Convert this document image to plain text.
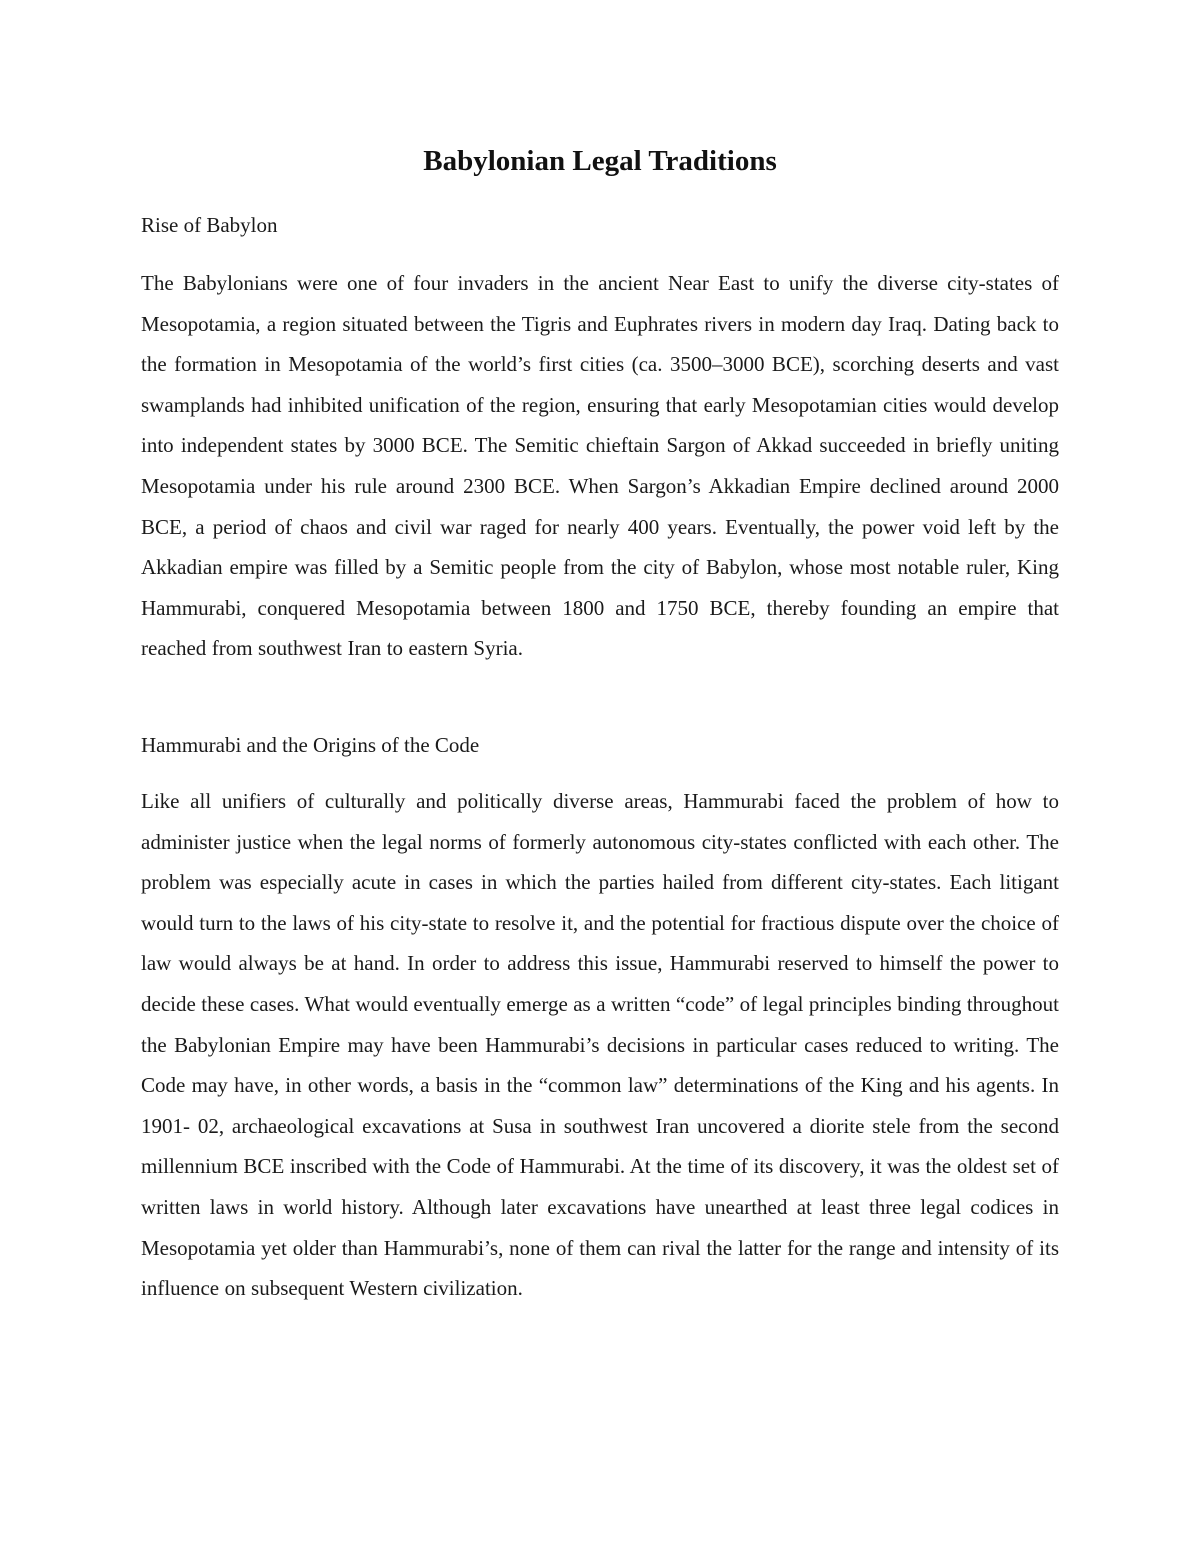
Babylonian Legal Traditions
Rise of Babylon

The Babylonians were one of four invaders in the ancient Near East to unify the diverse city-states of Mesopotamia, a region situated between the Tigris and Euphrates rivers in modern day Iraq. Dating back to the formation in Mesopotamia of the world’s first cities (ca. 3500–3000 BCE), scorching deserts and vast swamplands had inhibited unification of the region, ensuring that early Mesopotamian cities would develop into independent states by 3000 BCE. The Semitic chieftain Sargon of Akkad succeeded in briefly uniting Mesopotamia under his rule around 2300 BCE. When Sargon’s Akkadian Empire declined around 2000 BCE, a period of chaos and civil war raged for nearly 400 years. Eventually, the power void left by the Akkadian empire was filled by a Semitic people from the city of Babylon, whose most notable ruler, King Hammurabi, conquered Mesopotamia between 1800 and 1750 BCE, thereby founding an empire that reached from southwest Iran to eastern Syria.

Hammurabi and the Origins of the Code

Like all unifiers of culturally and politically diverse areas, Hammurabi faced the problem of how to administer justice when the legal norms of formerly autonomous city-states conflicted with each other. The problem was especially acute in cases in which the parties hailed from different city-states. Each litigant would turn to the laws of his city-state to resolve it, and the potential for fractious dispute over the choice of law would always be at hand. In order to address this issue, Hammurabi reserved to himself the power to decide these cases. What would eventually emerge as a written “code” of legal principles binding throughout the Babylonian Empire may have been Hammurabi’s decisions in particular cases reduced to writing. The Code may have, in other words, a basis in the “common law” determinations of the King and his agents. In 1901- 02, archaeological excavations at Susa in southwest Iran uncovered a diorite stele from the second millennium BCE inscribed with the Code of Hammurabi. At the time of its discovery, it was the oldest set of written laws in world history. Although later excavations have unearthed at least three legal codices in Mesopotamia yet older than Hammurabi’s, none of them can rival the latter for the range and intensity of its influence on subsequent Western civilization.
